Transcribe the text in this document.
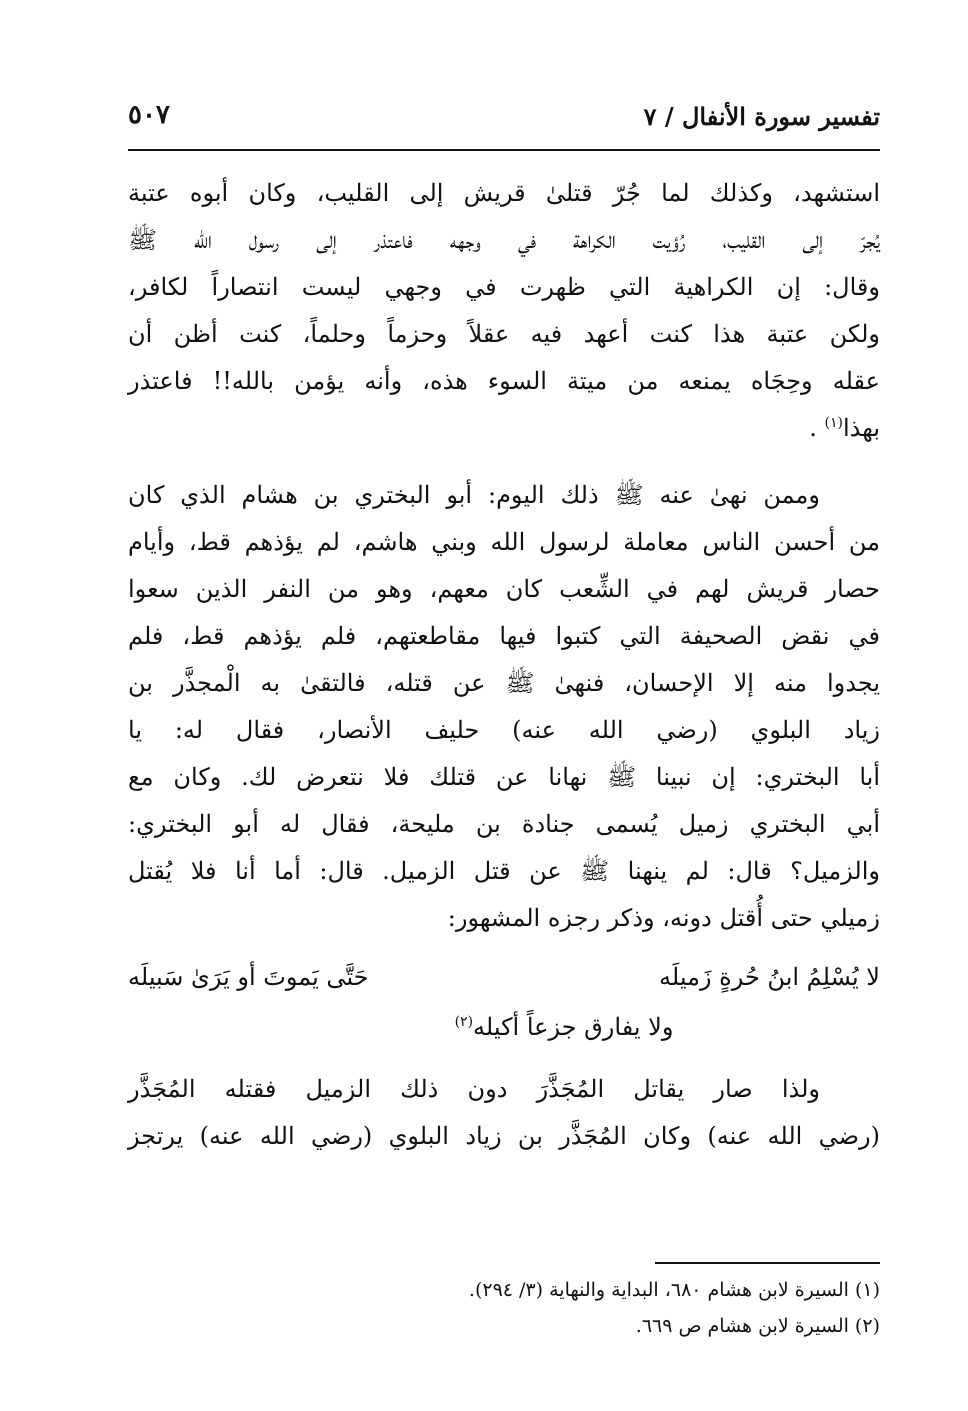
تفسير سورة الأنفال / ٧
٥٠٧
استشهد، وكذلك لما جُرّ قتلىٰ قريش إلى القليب، وكان أبوه عتبة
يُجرّ إلى القليب، رُؤيت الكراهة في وجهه فاعتذر إلى رسول الله ﷺ
وقال: إن الكراهية التي ظهرت في وجهي ليست انتصاراً لكافر،
ولكن عتبة هذا كنت أعهد فيه عقلاً وحزماً وحلماً، كنت أظن أن
عقله وحِجَاه يمنعه من ميتة السوء هذه، وأنه يؤمن بالله!! فاعتذر
بهذا$^{(١)}$ .
وممن نهىٰ عنه ﷺ ذلك اليوم: أبو البختري بن هشام الذي كان
من أحسن الناس معاملة لرسول الله وبني هاشم، لم يؤذهم قط، وأيام
حصار قريش لهم في الشِّعب كان معهم، وهو من النفر الذين سعوا
في نقض الصحيفة التي كتبوا فيها مقاطعتهم، فلم يؤذهم قط، فلم
يجدوا منه إلا الإحسان، فنهىٰ ﷺ عن قتله، فالتقىٰ به الْمجذَّر بن
زياد البلوي (رضي الله عنه) حليف الأنصار، فقال له: يا
أبا البختري: إن نبينا ﷺ نهانا عن قتلك فلا نتعرض لك. وكان مع
أبي البختري زميل يُسمى جنادة بن مليحة، فقال له أبو البختري:
والزميل؟ قال: لم ينهنا ﷺ عن قتل الزميل. قال: أما أنا فلا يُقتل
زميلي حتى أُقتل دونه، وذكر رجزه المشهور:
لا يُسْلِمُ ابنُ حُرةٍ زَميلَه
حَتَّى يَموتَ أو يَرَىٰ سَبيلَه
ولا يفارق جزعاً أكيله$^{(٢)}$
ولذا صار يقاتل المُجَذَّرَ دون ذلك الزميل فقتله المُجَذَّر
(رضي الله عنه) وكان المُجَذَّر بن زياد البلوي (رضي الله عنه) يرتجز
(١) السيرة لابن هشام ٦٨٠، البداية والنهاية (٣/ ٢٩٤).
(٢) السيرة لابن هشام ص ٦٦٩.
